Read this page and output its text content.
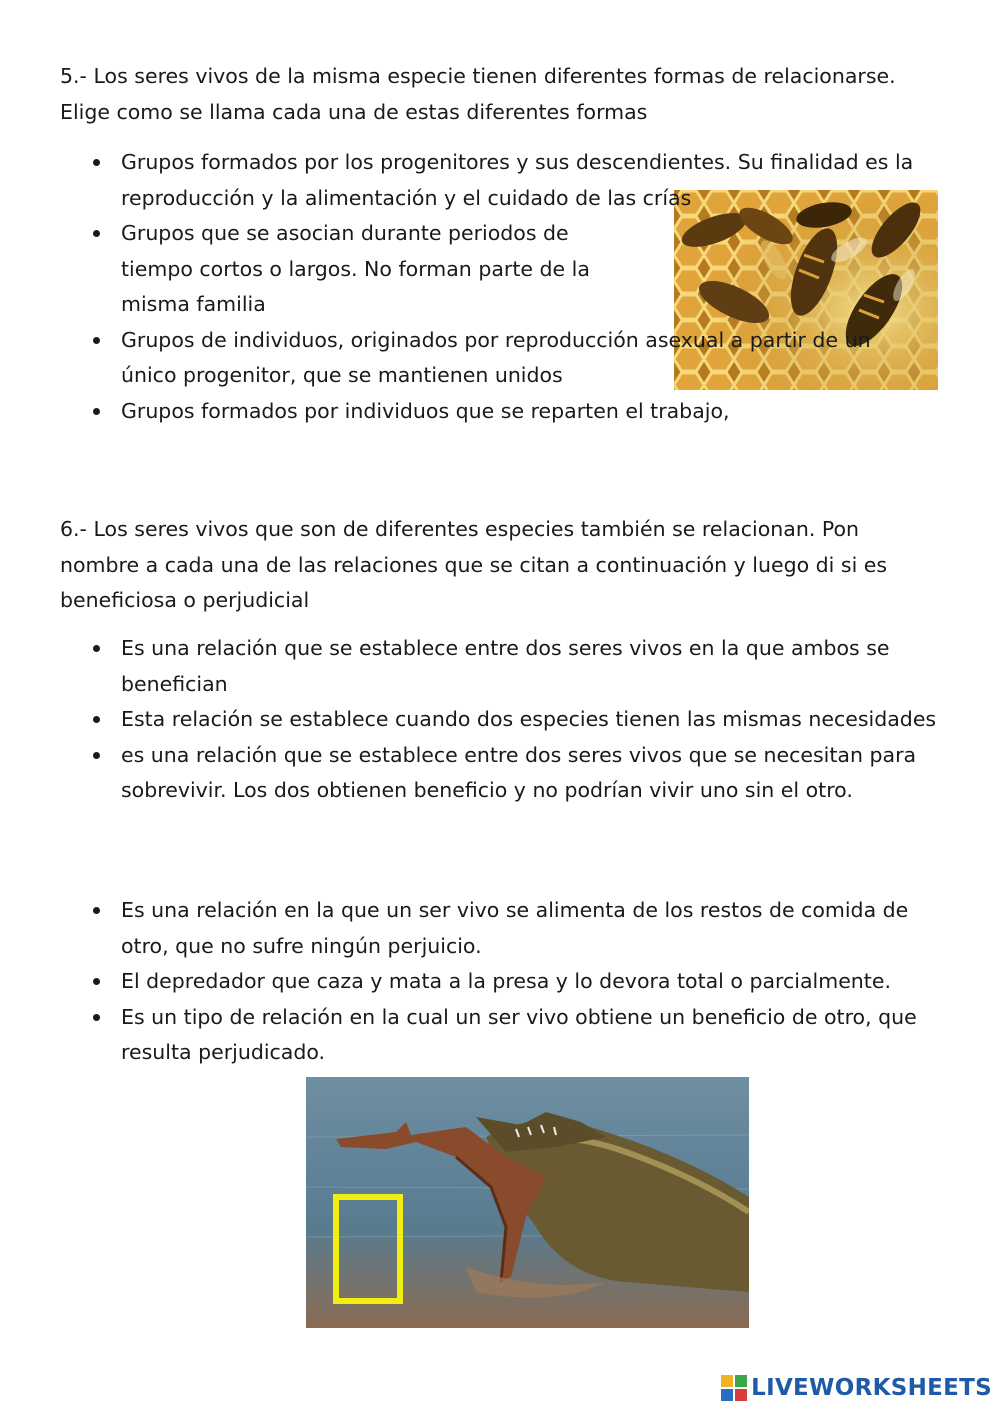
5.- Los seres vivos de la misma especie tienen diferentes formas de relacionarse. Elige como se llama cada una de estas diferentes formas

Grupos formados por los progenitores y sus descendientes. Su finalidad es la reproducción y la alimentación y el cuidado de las crías
Grupos que se asocian durante periodos de tiempo cortos o largos. No forman parte de la misma familia
Grupos de individuos, originados por reproducción asexual a partir de un único progenitor, que se mantienen unidos
Grupos formados por individuos que se reparten el trabajo,

6.- Los seres vivos que son de diferentes especies también se relacionan. Pon nombre a cada una de las relaciones que se citan a continuación y luego di si es beneficiosa o perjudicial

Es una relación que se establece entre dos seres vivos en la que ambos se benefician
Esta relación se establece cuando dos especies tienen las mismas necesidades
es una relación que se establece entre dos seres vivos que se necesitan para sobrevivir. Los dos obtienen beneficio y no podrían vivir uno sin el otro.
Es una relación en la que un ser vivo se alimenta de los restos de comida de otro, que no sufre ningún perjuicio.
El depredador que caza y mata a la presa y lo devora total o parcialmente.
Es un tipo de relación en la cual un ser vivo obtiene un beneficio de otro, que resulta perjudicado.
LIVEWORKSHEETS
